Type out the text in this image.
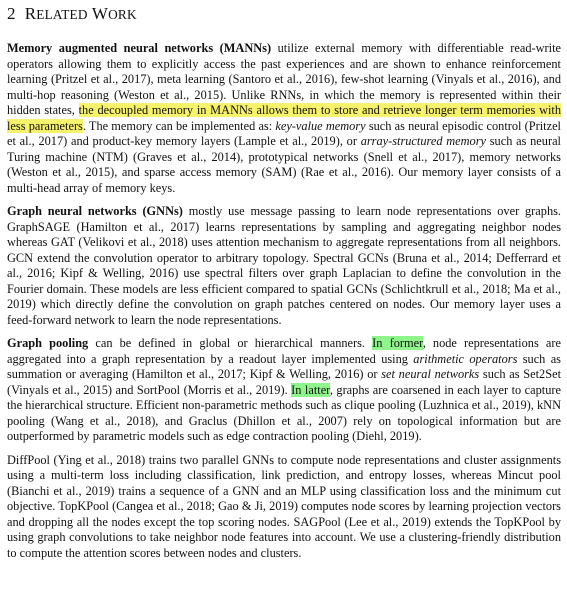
2 RELATED WORK

Memory augmented neural networks (MANNs) utilize external memory with differentiable read-write operators allowing them to explicitly access the past experiences and are shown to enhance reinforcement learning (Pritzel et al., 2017), meta learning (Santoro et al., 2016), few-shot learning (Vinyals et al., 2016), and multi-hop reasoning (Weston et al., 2015). Unlike RNNs, in which the memory is represented within their hidden states, the decoupled memory in MANNs allows them to store and retrieve longer term memories with less parameters. The memory can be implemented as: key-value memory such as neural episodic control (Pritzel et al., 2017) and product-key memory layers (Lample et al., 2019), or array-structured memory such as neural Turing machine (NTM) (Graves et al., 2014), prototypical networks (Snell et al., 2017), memory networks (Weston et al., 2015), and sparse access memory (SAM) (Rae et al., 2016). Our memory layer consists of a multi-head array of memory keys.

Graph neural networks (GNNs) mostly use message passing to learn node representations over graphs. GraphSAGE (Hamilton et al., 2017) learns representations by sampling and aggregating neighbor nodes whereas GAT (Velikovi et al., 2018) uses attention mechanism to aggregate representations from all neighbors. GCN extend the convolution operator to arbitrary topology. Spectral GCNs (Bruna et al., 2014; Defferrard et al., 2016; Kipf & Welling, 2016) use spectral filters over graph Laplacian to define the convolution in the Fourier domain. These models are less efficient compared to spatial GCNs (Schlichtkrull et al., 2018; Ma et al., 2019) which directly define the convolution on graph patches centered on nodes. Our memory layer uses a feed-forward network to learn the node representations.

Graph pooling can be defined in global or hierarchical manners. In former, node representations are aggregated into a graph representation by a readout layer implemented using arithmetic operators such as summation or averaging (Hamilton et al., 2017; Kipf & Welling, 2016) or set neural networks such as Set2Set (Vinyals et al., 2015) and SortPool (Morris et al., 2019). In latter, graphs are coarsened in each layer to capture the hierarchical structure. Efficient non-parametric methods such as clique pooling (Luzhnica et al., 2019), kNN pooling (Wang et al., 2018), and Graclus (Dhillon et al., 2007) rely on topological information but are outperformed by parametric models such as edge contraction pooling (Diehl, 2019).

DiffPool (Ying et al., 2018) trains two parallel GNNs to compute node representations and cluster assignments using a multi-term loss including classification, link prediction, and entropy losses, whereas Mincut pool (Bianchi et al., 2019) trains a sequence of a GNN and an MLP using classification loss and the minimum cut objective. TopKPool (Cangea et al., 2018; Gao & Ji, 2019) computes node scores by learning projection vectors and dropping all the nodes except the top scoring nodes. SAGPool (Lee et al., 2019) extends the TopKPool by using graph convolutions to take neighbor node features into account. We use a clustering-friendly distribution to compute the attention scores between nodes and clusters.
